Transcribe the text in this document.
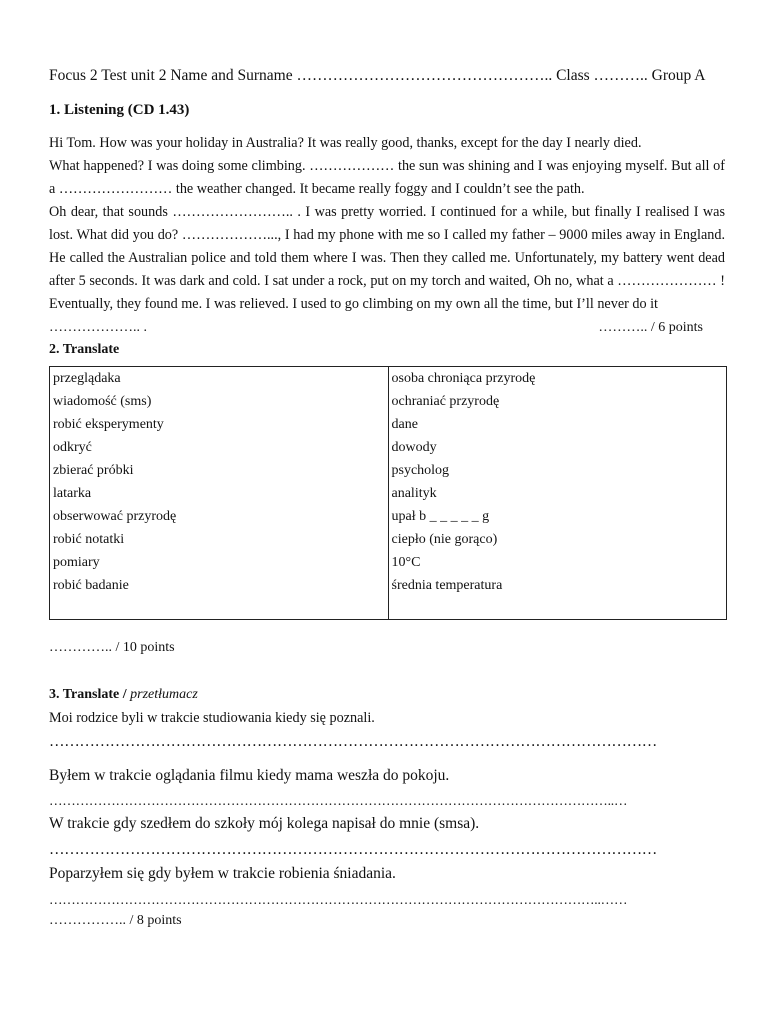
Focus 2 Test unit 2 Name and Surname ………………………………………….. Class ……….. Group A
1. Listening (CD 1.43)

Hi Tom. How was your holiday in Australia? It was really good, thanks, except for the day I nearly died.

What happened? I was doing some climbing. ……………… the sun was shining and I was enjoying myself. But all of a …………………… the weather changed. It became really foggy and I couldn’t see the path.

Oh dear, that sounds …………………….. . I was pretty worried. I continued for a while, but finally I realised I was lost. What did you do? ………………..., I had my phone with me so I called my father – 9000 miles away in England. He called the Australian police and told them where I was. Then they called me. Unfortunately, my battery went dead after 5 seconds. It was dark and cold. I sat under a rock, put on my torch and waited, Oh no, what a ………………… ! Eventually, they found me. I was relieved. I used to go climbing on my own all the time, but I’ll never do it

……………….. .	……….. / 6 points
2. Translate
przeglądaka	osoba chroniąca przyrodę
wiadomość (sms)	ochraniać przyrodę
robić eksperymenty	dane
odkryć	dowody
zbierać próbki	psycholog
latarka	analityk
obserwować przyrodę	upał b _ _ _ _ _ g
robić notatki	ciepło (nie gorąco)
pomiary	10°C
robić badanie	średnia temperatura

………….. / 10 points
3. Translate / przetłumacz
Moi rodzice byli w trakcie studiowania kiedy się poznali.
…………………………………………………………………………………………………………
Byłem w trakcie oglądania filmu kiedy mama weszła do pokoju.
………………………………………………………………………………………………………………..…
W trakcie gdy szedłem do szkoły mój kolega napisał do mnie (smsa).
…………………………………………………………………………………………………………
Poparzyłem się gdy byłem w trakcie robienia śniadania.
……………………………………………………………………………………………………………..……
…………….. / 8 points
